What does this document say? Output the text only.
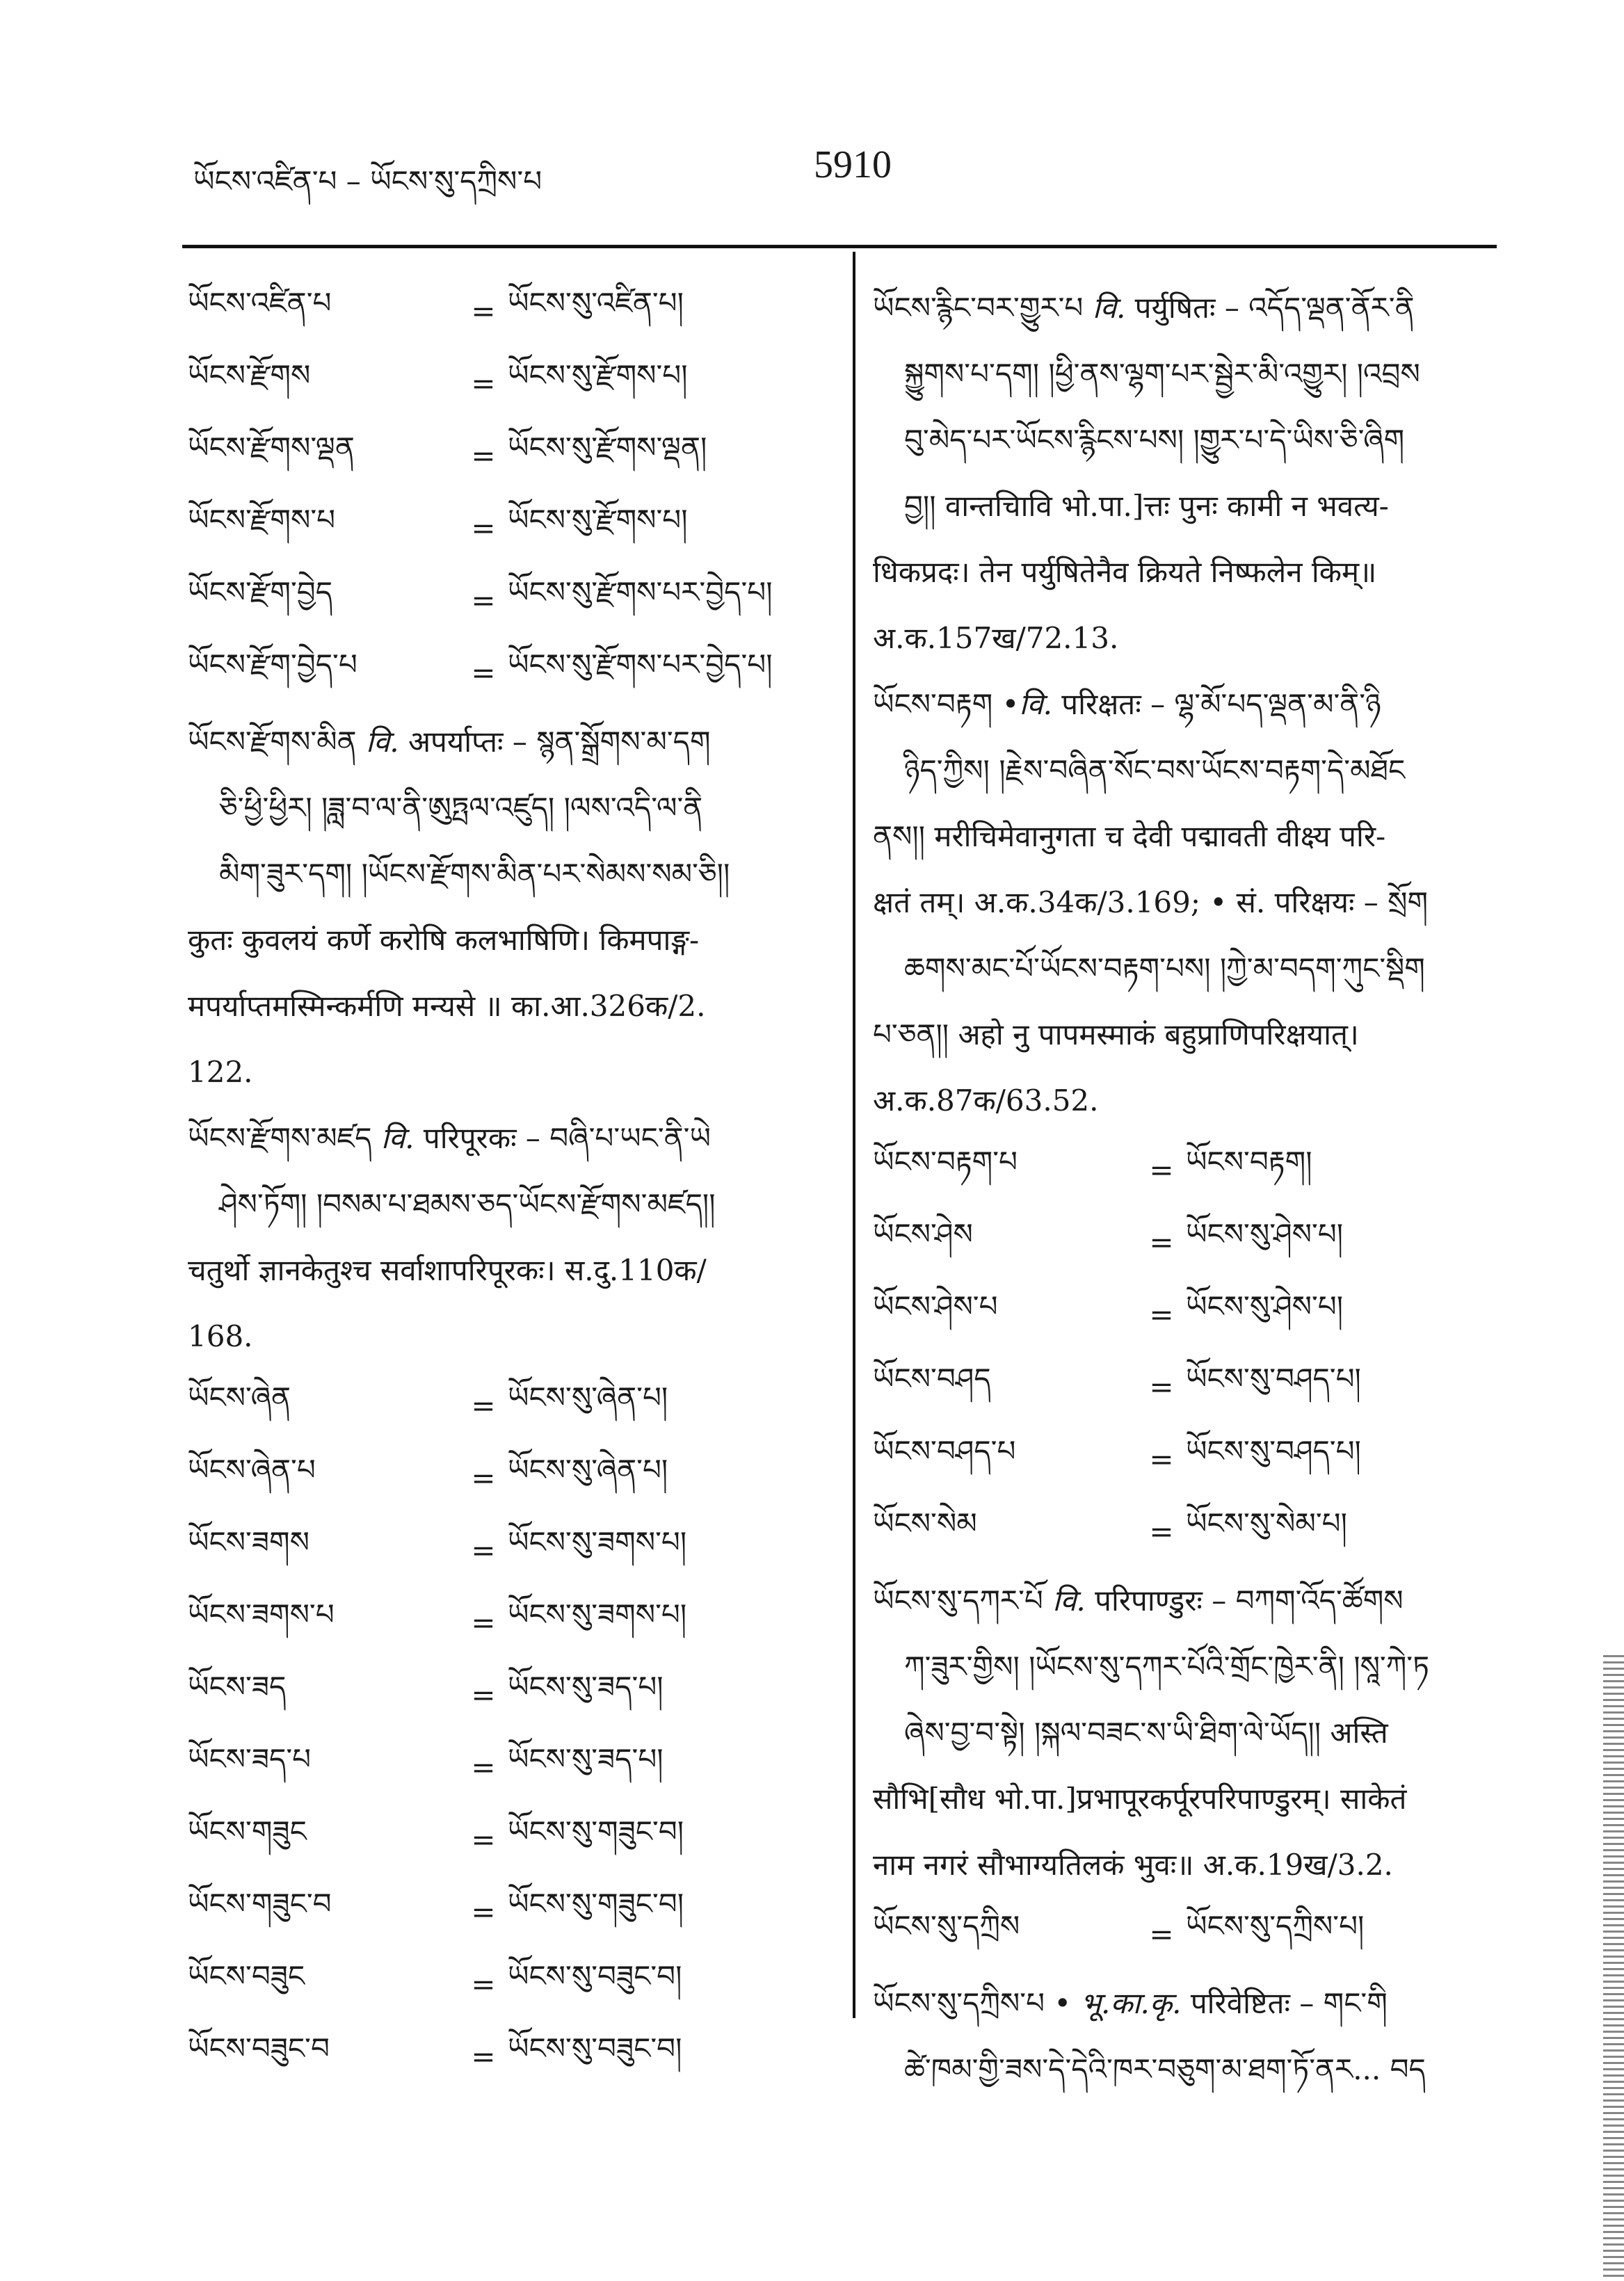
ཡོངས་འཛིན་པ – ཡོངས་སུ་དཀྲིས་པ	5910
ཡོངས་འཛིན་པ	= ཡོངས་སུ་འཛིན་པ།
ཡོངས་རྫོགས	= ཡོངས་སུ་རྫོགས་པ།
ཡོངས་རྫོགས་ལྡན	= ཡོངས་སུ་རྫོགས་ལྡན།
ཡོངས་རྫོགས་པ	= ཡོངས་སུ་རྫོགས་པ།
ཡོངས་རྫོག་བྱེད	= ཡོངས་སུ་རྫོགས་པར་བྱེད་པ།
ཡོངས་རྫོག་བྱེད་པ	= ཡོངས་སུ་རྫོགས་པར་བྱེད་པ།
ཡོངས་རྫོགས་མིན वि. अपर्याप्तः – སྙན་སྒྲོགས་མ་དག
ཅི་ཕྱི་ཕྱིར། །ཟླ་བ་ལ་ནི་ཨུཏྤལ་འཛུད། །ལས་འདི་ལ་ནི
མིག་ཟུར་དག། །ཡོངས་རྫོགས་མིན་པར་སེམས་སམ་ཅི།།
कुतः कुवलयं कर्णे करोषि कलभाषिणि। किमपाङ्ग-
मपर्याप्तमस्मिन्कर्मणि मन्यसे ॥ का.आ.326क/2.
122.
ཡོངས་རྫོགས་མཛད वि. परिपूरकः – བཞི་པ་ཡང་ནི་ཡེ
ཤེས་ཏོག། །བསམ་པ་ཐམས་ཅད་ཡོངས་རྫོགས་མཛད།།
चतुर्थो ज्ञानकेतुश्च सर्वाशापरिपूरकः। स.दु.110क/
168.
ཡོངས་ཞེན	= ཡོངས་སུ་ཞེན་པ།
ཡོངས་ཞེན་པ	= ཡོངས་སུ་ཞེན་པ།
ཡོངས་ཟགས	= ཡོངས་སུ་ཟགས་པ།
ཡོངས་ཟགས་པ	= ཡོངས་སུ་ཟགས་པ།
ཡོངས་ཟད	= ཡོངས་སུ་ཟད་པ།
ཡོངས་ཟད་པ	= ཡོངས་སུ་ཟད་པ།
ཡོངས་གཟུང	= ཡོངས་སུ་གཟུང་བ།
ཡོངས་གཟུང་བ	= ཡོངས་སུ་གཟུང་བ།
ཡོངས་བཟུང	= ཡོངས་སུ་བཟུང་བ།
ཡོངས་བཟུང་བ	= ཡོངས་སུ་བཟུང་བ།
ཡོངས་རྙིང་བར་གྱུར་པ वि. पर्युषितः – འདོད་ལྡན་ནོར་ནི
སྐྱུགས་པ་དག། །ཕྱི་ནས་ལྷག་པར་སྦྱེར་མི་འགྱུར། །འབྲས
བུ་མེད་པར་ཡོངས་རྙིངས་པས། །གྱུར་པ་དེ་ཡིས་ཅི་ཞིག
བྱ།། वान्तचिावि भो.पा.]त्तः पुनः कामी न भवत्य-
धिकप्रदः। तेन पर्युषितेनैव क्रियते निष्फलेन किम्॥
अ.क.157ख/72.13.
ཡོངས་བརྟག •वि. परिक्षतः – ལྷ་མོ་པད་ལྡན་མ་ནི་ཉི
ཉིད་ཀྱིས། །རྗེས་བཞིན་སོང་བས་ཡོངས་བརྟག་དེ་མཐོང
ནས།། मरीचिमेवानुगता च देवी पद्मावती वीक्ष्य परि-
क्षतं तम्। अ.क.34क/3.169; • सं. परिक्षयः – སྲོག
ཆགས་མང་པོ་ཡོངས་བརྟག་པས། །ཀྱེ་མ་བདག་ཀུང་སྡིག
པ་ཅན།། अहो नु पापमस्माकं बहुप्राणिपरिक्षयात्।
अ.क.87क/63.52.
ཡོངས་བརྟག་པ	= ཡོངས་བརྟག།
ཡོངས་ཤེས	= ཡོངས་སུ་ཤེས་པ།
ཡོངས་ཤེས་པ	= ཡོངས་སུ་ཤེས་པ།
ཡོངས་བཤད	= ཡོངས་སུ་བཤད་པ།
ཡོངས་བཤད་པ	= ཡོངས་སུ་བཤད་པ།
ཡོངས་སེམ	= ཡོངས་སུ་སེམ་པ།
ཡོངས་སུ་དཀར་པོ वि. परिपाण्डुरः – བཀག་འོད་ཚོགས
ཀ་ཟུར་གྱིས། །ཡོངས་སུ་དཀར་པོའི་གྲོང་ཁྱེར་ནི། །སཱ་ཀེ་ཏ
ཞེས་བྱ་བ་སྟེ། །སྐལ་བཟང་ས་ཡི་ཐིག་ལེ་ཡོད།། अस्ति
सौभि[सौध भो.पा.]प्रभापूरकर्पूरपरिपाण्डुरम्। साकेतं
नाम नगरं सौभाग्यतिलकं भुवः॥ अ.क.19ख/3.2.
ཡོངས་སུ་དཀྲིས	= ཡོངས་སུ་དཀྲིས་པ།
ཡོངས་སུ་དཀྲིས་པ • भू.का.कृ. परिवेष्टितः – གང་གི
ཚེ་ཁམ་གྱི་ཟས་དེ་དེའི་ཁར་བཅུག་མ་ཐག་ཏོ་ནར... བད
